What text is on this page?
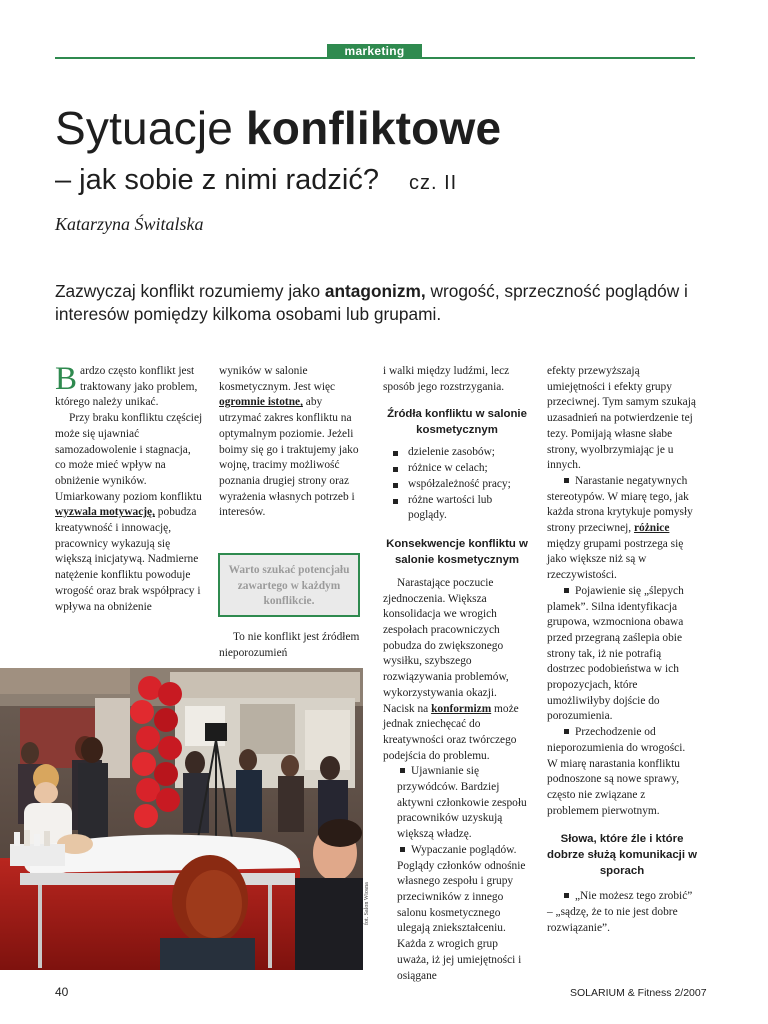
marketing
Sytuacje konfliktowe
– jak sobie z nimi radzić? cz. II
Katarzyna Świtalska
Zazwyczaj konflikt rozumiemy jako antagonizm, wrogość, sprzeczność poglądów i interesów pomiędzy kilkoma osobami lub grupami.

Bardzo często konflikt jest traktowany jako problem, którego należy unikać.

Przy braku konfliktu częściej może się ujawniać samozadowolenie i stagnacja, co może mieć wpływ na obniżenie wyników. Umiarkowany poziom konfliktu wyzwala motywację, pobudza kreatywność i innowację, pracownicy wykazują się większą inicjatywą. Nadmierne natężenie konfliktu powoduje wrogość oraz brak współpracy i wpływa na obniżenie

wyników w salonie kosmetycznym. Jest więc ogromnie istotne, aby utrzymać zakres konfliktu na optymalnym poziomie. Jeżeli boimy się go i traktujemy jako wojnę, tracimy możliwość poznania drugiej strony oraz wyrażenia własnych potrzeb i interesów.

Warto szukać potencjału zawartego w każdym konflikcie.

To nie konflikt jest źródłem nieporozumień

i walki między ludźmi, lecz sposób jego rozstrzygania.

Źródła konfliktu w salonie kosmetycznym
dzielenie zasobów;
różnice w celach;
współzależność pracy;
różne wartości lub poglądy.
Konsekwencje konfliktu w salonie kosmetycznym

Narastające poczucie zjednoczenia. Większa konsolidacja we wrogich zespołach pracowniczych pobudza do zwiększonego wysiłku, szybszego rozwiązywania problemów, wykorzystywania okazji. Nacisk na konformizm może jednak zniechęcać do kreatywności oraz twórczego podejścia do problemu.

Ujawnianie się przywódców. Bardziej aktywni członkowie zespołu pracowników uzyskują większą władzę.

Wypaczanie poglądów. Poglądy członków odnośnie własnego zespołu i grupy przeciwników z innego salonu kosmetycznego ulegają zniekształceniu. Każda z wrogich grup uważa, iż jej umiejętności i osiągane

efekty przewyższają umiejętności i efekty grupy przeciwnej. Tym samym szukają uzasadnień na potwierdzenie tej tezy. Pomijają własne słabe strony, wyolbrzymiając je u innych.

Narastanie negatywnych stereotypów. W miarę tego, jak każda strona krytykuje pomysły strony przeciwnej, różnice między grupami postrzega się jako większe niż są w rzeczywistości.

Pojawienie się „ślepych plamek”. Silna identyfikacja grupowa, wzmocniona obawa przed przegraną zaślepia obie strony tak, iż nie potrafią dostrzec podobieństwa w ich propozycjach, które umożliwiłyby dojście do porozumienia.

Przechodzenie od nieporozumienia do wrogości. W miarę narastania konfliktu podnoszone są nowe sprawy, często nie związane z problemem pierwotnym.

Słowa, które źle i które dobrze służą komunikacji w sporach

„Nie możesz tego zrobić” – „sądzę, że to nie jest dobre rozwiązanie”.

fot. Salon Wiosna
40	SOLARIUM & Fitness 2/2007
